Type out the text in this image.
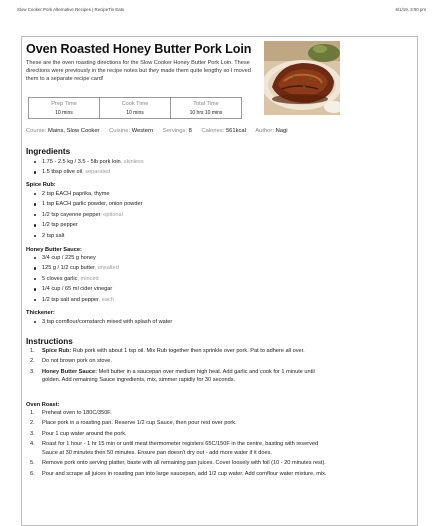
Slow Cooker Pork Alternative Recipes | RecipeTin Eats	6/1/19, 3:00 pm
Oven Roasted Honey Butter Pork Loin
These are the oven roasting directions for the Slow Cooker Honey Butter Pork Loin. These directions were previously in the recipe notes but they made them quite lengthy so I moved them to a separate recipe card!
Prep Time
10 mins
Cook Time
10 mins
Total Time
10 hrs 10 mins
Course: Mains, Slow Cooker Cuisine: Western Servings: 8 Calories: 561kcal Author: Nagi
Ingredients
1.75 - 2.5 kg / 3.5 - 5lb pork loin, skinless
1.5 tbsp olive oil, separated
Spice Rub:
2 tsp EACH paprika, thyme
1 tsp EACH garlic powder, onion powder
1/2 tsp cayenne pepper, optional
1/2 tsp pepper
2 tsp salt
Honey Butter Sauce:
3/4 cup / 225 g honey
125 g / 1/2 cup butter, unsalted
5 cloves garlic, minced
1/4 cup / 65 ml cider vinegar
1/2 tsp salt and pepper, each
Thickener:
3 tsp cornflour/cornstarch mixed with splash of water
Instructions
1. Spice Rub: Rub pork with about 1 tsp oil. Mix Rub together then sprinkle over pork. Pat to adhere all over.
2. Do not brown pork on stove.
3. Honey Butter Sauce: Melt butter in a saucepan over medium high heat. Add garlic and cook for 1 minute until golden. Add remaining Sauce ingredients, mix, simmer rapidly for 30 seconds.
Oven Roast:
1. Preheat oven to 180C/350F.
2. Place pork in a roasting pan. Reserve 1/2 cup Sauce, then pour rest over pork.
3. Pour 1 cup water around the pork.
4. Roast for 1 hour - 1 hr 15 min or until meat thermometer registers 65C/150F in the centre, basting with reserved Sauce at 30 minutes then 50 minutes. Ensure pan doesn't dry out - add more water if it does.
5. Remove pork onto serving platter, baste with all remaining pan juices. Cover loosely with foil (10 - 20 minutes rest).
6. Pour and scrape all juices in roasting pan into large saucepan, add 1/2 cup water. Add cornflour water mixture, mix.
